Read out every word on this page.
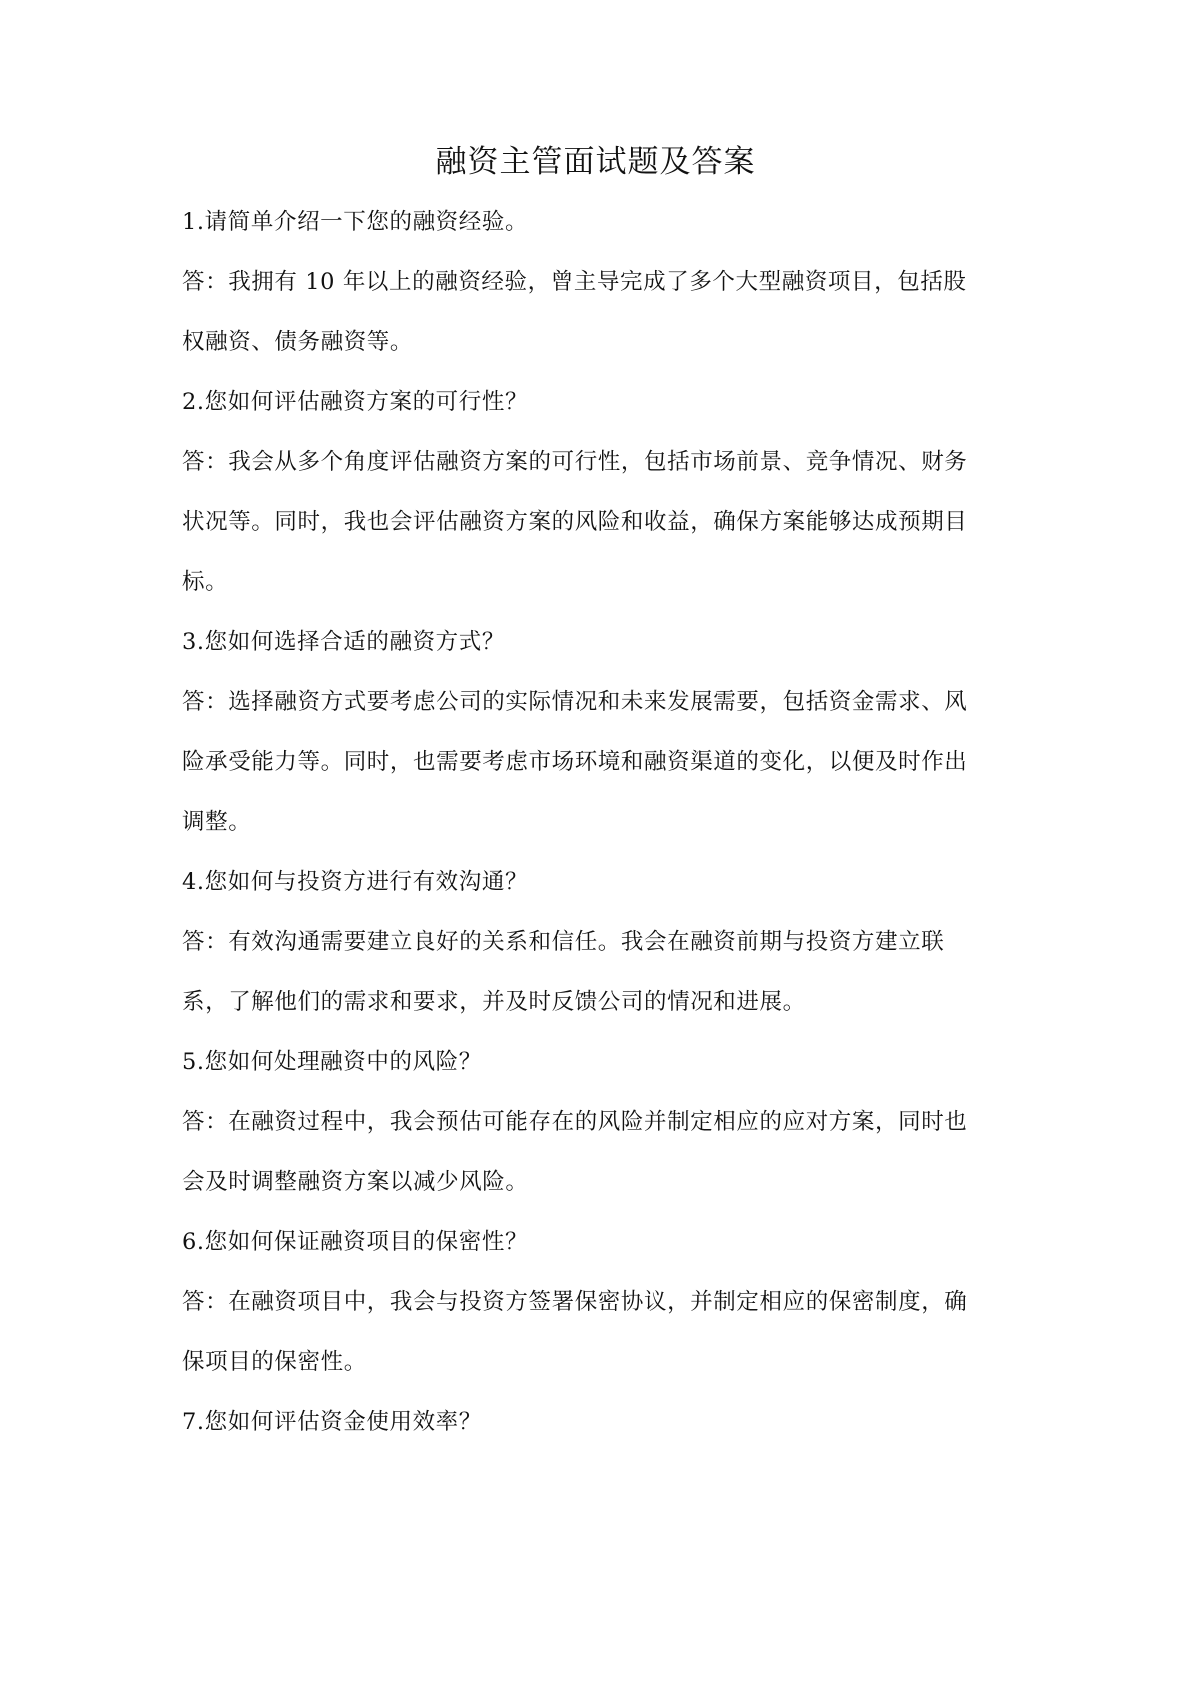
融资主管面试题及答案
1.请简单介绍一下您的融资经验。
答：我拥有 10 年以上的融资经验，曾主导完成了多个大型融资项目，包括股
权融资、债务融资等。
2.您如何评估融资方案的可行性？
答：我会从多个角度评估融资方案的可行性，包括市场前景、竞争情况、财务
状况等。同时，我也会评估融资方案的风险和收益，确保方案能够达成预期目
标。
3.您如何选择合适的融资方式？
答：选择融资方式要考虑公司的实际情况和未来发展需要，包括资金需求、风
险承受能力等。同时，也需要考虑市场环境和融资渠道的变化，以便及时作出
调整。
4.您如何与投资方进行有效沟通？
答：有效沟通需要建立良好的关系和信任。我会在融资前期与投资方建立联
系，了解他们的需求和要求，并及时反馈公司的情况和进展。
5.您如何处理融资中的风险？
答：在融资过程中，我会预估可能存在的风险并制定相应的应对方案，同时也
会及时调整融资方案以减少风险。
6.您如何保证融资项目的保密性？
答：在融资项目中，我会与投资方签署保密协议，并制定相应的保密制度，确
保项目的保密性。
7.您如何评估资金使用效率？
